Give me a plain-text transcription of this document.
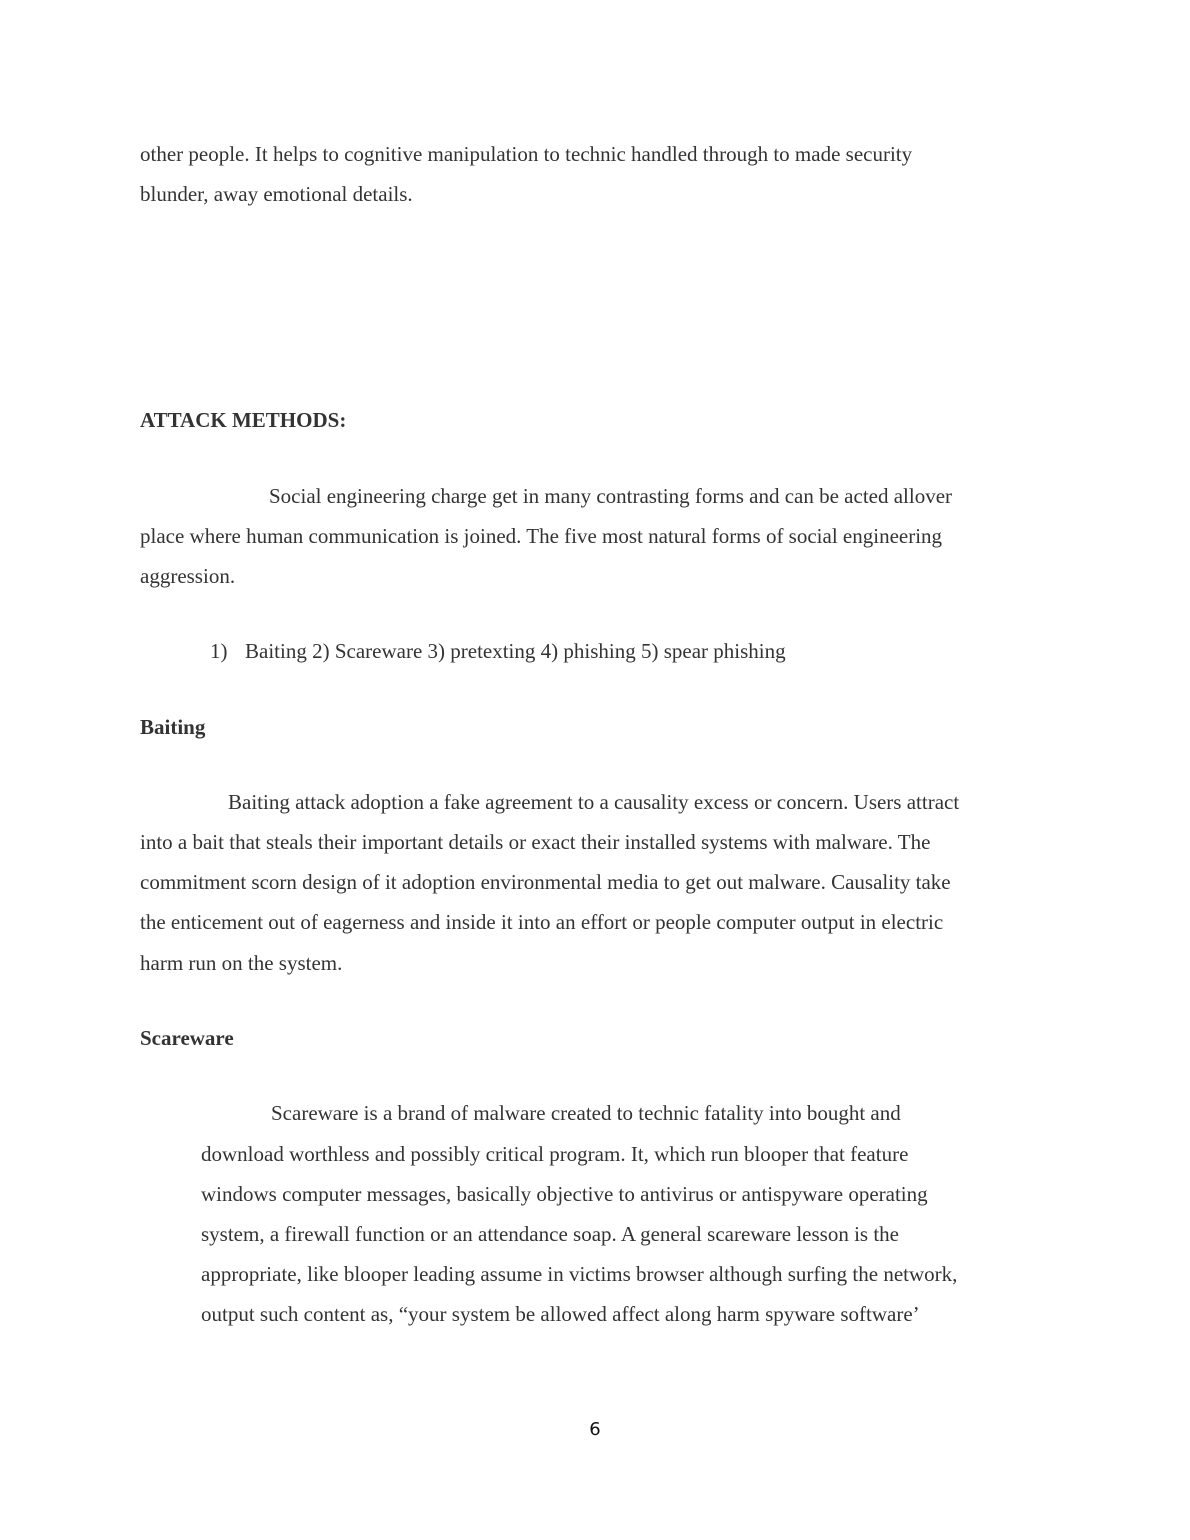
other people. It helps to cognitive manipulation to technic handled through to made security
blunder, away emotional details.
ATTACK METHODS:
Social engineering charge get in many contrasting forms and can be acted allover
place where human communication is joined. The five most natural forms of social engineering
aggression.
1) Baiting 2) Scareware 3) pretexting 4) phishing 5) spear phishing
Baiting
Baiting attack adoption a fake agreement to a causality excess or concern. Users attract
into a bait that steals their important details or exact their installed systems with malware. The
commitment scorn design of it adoption environmental media to get out malware. Causality take
the enticement out of eagerness and inside it into an effort or people computer output in electric
harm run on the system.
Scareware
Scareware is a brand of malware created to technic fatality into bought and
download worthless and possibly critical program. It, which run blooper that feature
windows computer messages, basically objective to antivirus or antispyware operating
system, a firewall function or an attendance soap. A general scareware lesson is the
appropriate, like blooper leading assume in victims browser although surfing the network,
output such content as, “your system be allowed affect along harm spyware software’
6
